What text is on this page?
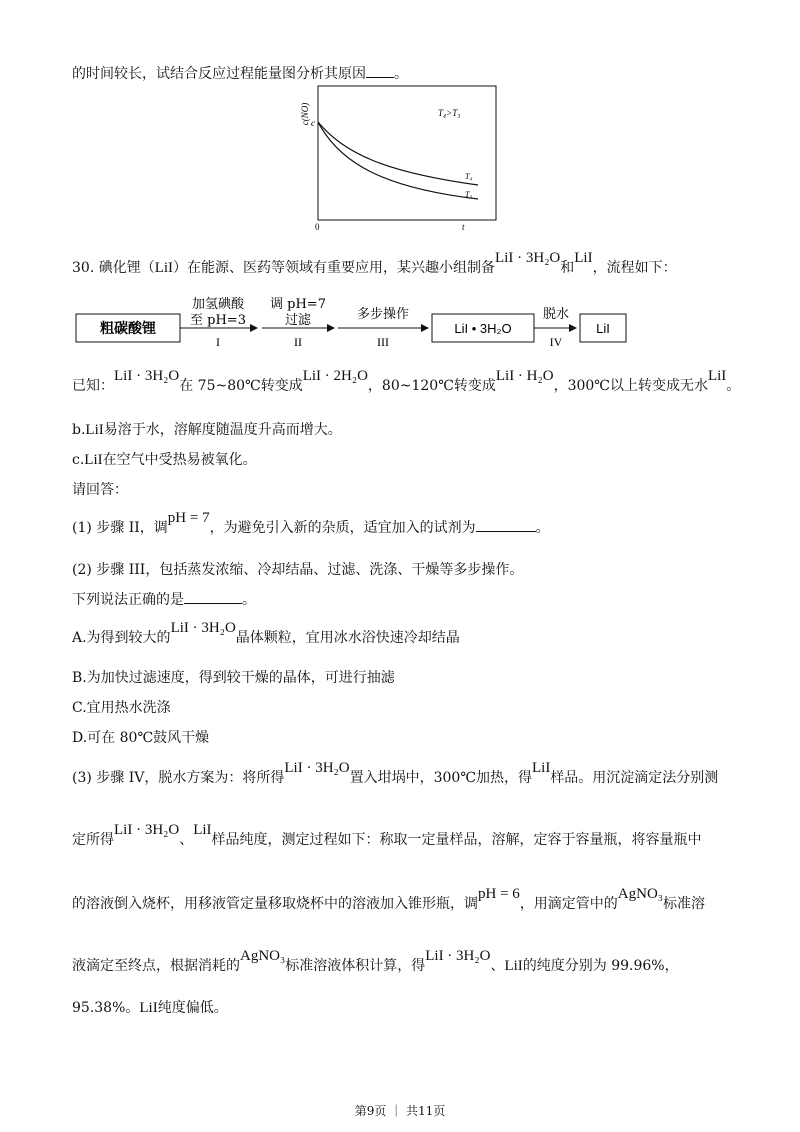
的时间较长，试结合反应过程能量图分析其原因 。
c(NO) c
0	t
T₄>T₃
T₄
T₃
30. 碘化锂（LiI）在能源、医药等领域有重要应用，某兴趣小组制备LiI · 3H₂O和LiI，流程如下：
粗碳酸锂
加氢碘酸
至 pH=3
I
调 pH=7
过滤
II
多步操作
III
LiI • 3H₂O
脱水
IV
LiI
已知：LiI · 3H₂O在 75~80℃转变成LiI · 2H₂O，80~120℃转变成LiI · H₂O，300℃以上转变成无水LiI。
b.LiI易溶于水，溶解度随温度升高而增大。
c.LiI在空气中受热易被氧化。
请回答：
(1) 步骤 II，调pH = 7，为避免引入新的杂质，适宜加入的试剂为	。
(2) 步骤 III，包括蒸发浓缩、冷却结晶、过滤、洗涤、干燥等多步操作。
下列说法正确的是	。
A.为得到较大的LiI · 3H₂O晶体颗粒，宜用冰水浴快速冷却结晶
B.为加快过滤速度，得到较干燥的晶体，可进行抽滤
C.宜用热水洗涤
D.可在 80℃鼓风干燥
(3) 步骤 IV，脱水方案为：将所得LiI · 3H₂O置入坩埚中，300℃加热，得LiI样品。用沉淀滴定法分别测
定所得LiI · 3H₂O、LiI样品纯度，测定过程如下：称取一定量样品，溶解，定容于容量瓶，将容量瓶中
的溶液倒入烧杯，用移液管定量移取烧杯中的溶液加入锥形瓶，调pH = 6，用滴定管中的AgNO₃标准溶
液滴定至终点，根据消耗的AgNO₃标准溶液体积计算，得LiI · 3H₂O、LiI的纯度分别为 99.96%，
95.38%。LiI纯度偏低。
第9页 ｜ 共11页
